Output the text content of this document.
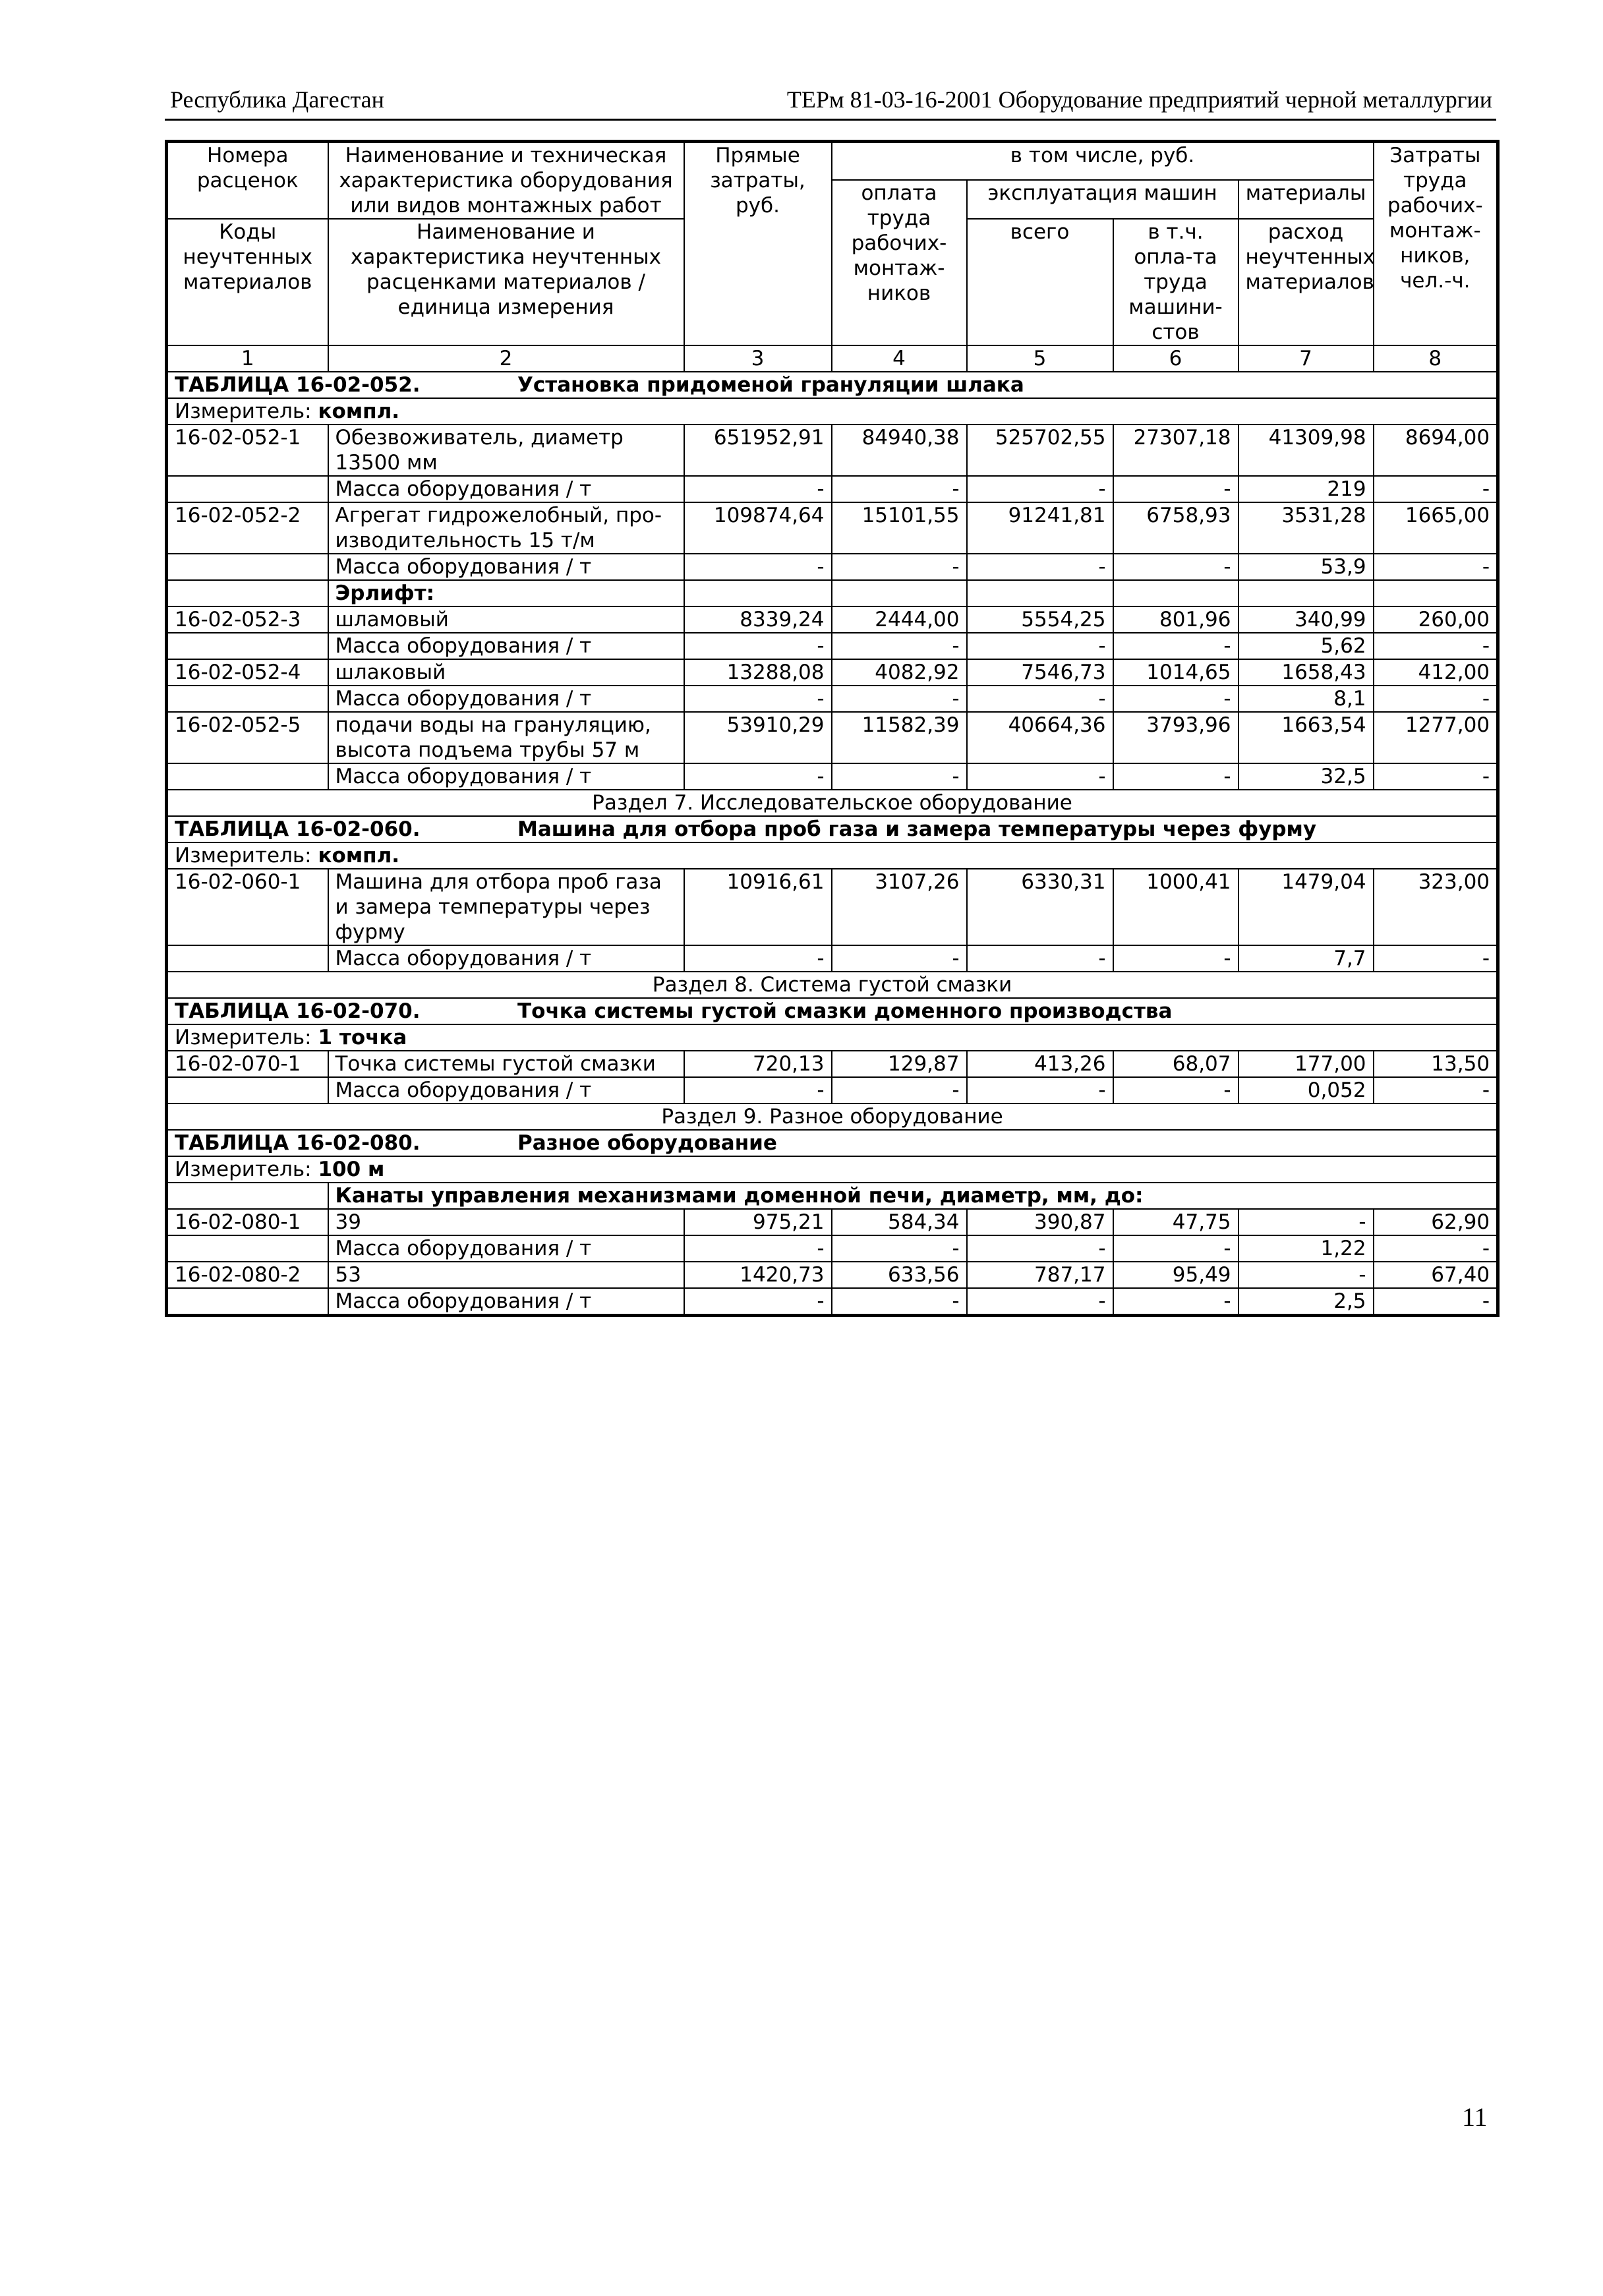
Республика Дагестан	ТЕРм 81-03-16-2001 Оборудование предприятий черной металлургии
Номера расценок	Наименование и техническая характеристика оборудования или видов монтажных работ	Прямые затраты, руб.	в том числе, руб.				Затраты труда рабочих-монтаж-ников, чел.-ч.
			оплата труда рабочих-монтаж-ников	эксплуатация машин		материалы	
Коды неучтенных материалов	Наименование и характеристика неучтенных расценками материалов / единица измерения			всего	в т.ч. опла-та труда машини-стов	расход неучтенных материалов	

1	2	3	4	5	6	7	8
ТАБЛИЦА 16-02-052. Установка придоменой грануляции шлака							
Измеритель: компл.							
16-02-052-1	Обезвоживатель, диаметр 13500 мм	651952,91	84940,38	525702,55	27307,18	41309,98	8694,00
	Масса оборудования / т	-	-	-	-	219	-
16-02-052-2	Агрегат гидрожелобный, про-изводительность 15 т/м	109874,64	15101,55	91241,81	6758,93	3531,28	1665,00
	Масса оборудования / т	-	-	-	-	53,9	-
	Эрлифт:						
16-02-052-3	шламовый	8339,24	2444,00	5554,25	801,96	340,99	260,00
	Масса оборудования / т	-	-	-	-	5,62	-
16-02-052-4	шлаковый	13288,08	4082,92	7546,73	1014,65	1658,43	412,00
	Масса оборудования / т	-	-	-	-	8,1	-
16-02-052-5	подачи воды на грануляцию, высота подъема трубы 57 м	53910,29	11582,39	40664,36	3793,96	1663,54	1277,00
	Масса оборудования / т	-	-	-	-	32,5	-
Раздел 7. Исследовательское оборудование							
ТАБЛИЦА 16-02-060. Машина для отбора проб газа и замера температуры через фурму							
Измеритель: компл.							
16-02-060-1	Машина для отбора проб газа и замера температуры через фурму	10916,61	3107,26	6330,31	1000,41	1479,04	323,00
	Масса оборудования / т	-	-	-	-	7,7	-
Раздел 8. Система густой смазки							
ТАБЛИЦА 16-02-070. Точка системы густой смазки доменного производства							
Измеритель: 1 точка							
16-02-070-1	Точка системы густой смазки	720,13	129,87	413,26	68,07	177,00	13,50
	Масса оборудования / т	-	-	-	-	0,052	-
Раздел 9. Разное оборудование							
ТАБЛИЦА 16-02-080. Разное оборудование							
Измеритель: 100 м							
	Канаты управления механизмами доменной печи, диаметр, мм, до:						
16-02-080-1	39	975,21	584,34	390,87	47,75	-	62,90
	Масса оборудования / т	-	-	-	-	1,22	-
16-02-080-2	53	1420,73	633,56	787,17	95,49	-	67,40
	Масса оборудования / т	-	-	-	-	2,5	-
11
